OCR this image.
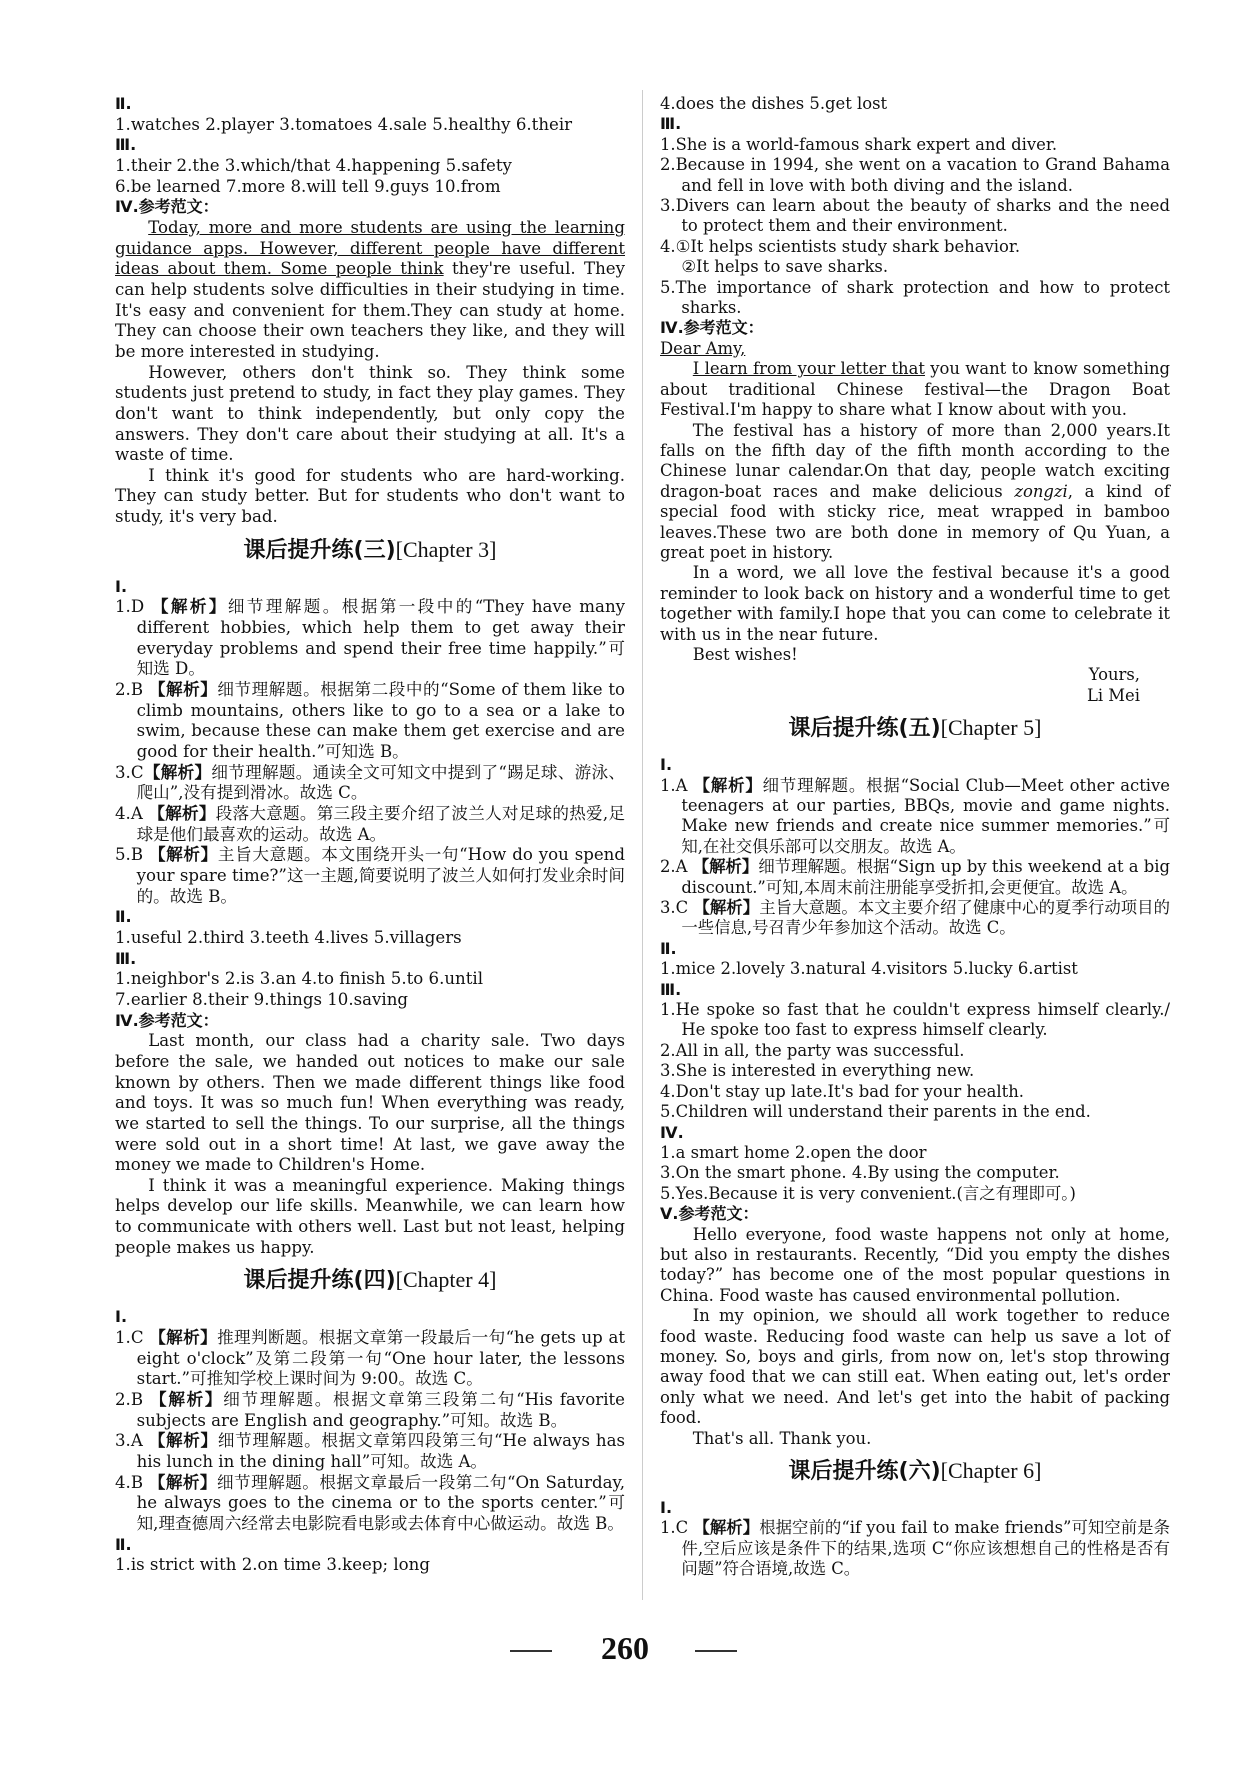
Ⅱ.
1.watches 2.player 3.tomatoes 4.sale 5.healthy 6.their
Ⅲ.
1.their 2.the 3.which/that 4.happening 5.safety
6.be learned 7.more 8.will tell 9.guys 10.from
Ⅳ.参考范文：
Today, more and more students are using the learning guidance apps. However, different people have different ideas about them. Some people think they're useful. They can help students solve difficulties in their studying in time. It's easy and convenient for them.They can study at home. They can choose their own teachers they like, and they will be more interested in studying.
However, others don't think so. They think some students just pretend to study, in fact they play games. They don't want to think independently, but only copy the answers. They don't care about their studying at all. It's a waste of time.
I think it's good for students who are hard-working. They can study better. But for students who don't want to study, it's very bad.
课后提升练(三)[Chapter 3]
Ⅰ.
1.D 【解析】细节理解题。根据第一段中的“They have many different hobbies, which help them to get away their everyday problems and spend their free time happily.”可知选 D。
2.B 【解析】细节理解题。根据第二段中的“Some of them like to climb mountains, others like to go to a sea or a lake to swim, because these can make them get exercise and are good for their health.”可知选 B。
3.C【解析】细节理解题。通读全文可知文中提到了“踢足球、游泳、爬山”,没有提到滑冰。故选 C。
4.A 【解析】段落大意题。第三段主要介绍了波兰人对足球的热爱,足球是他们最喜欢的运动。故选 A。
5.B 【解析】主旨大意题。本文围绕开头一句“How do you spend your spare time?”这一主题,简要说明了波兰人如何打发业余时间的。故选 B。
Ⅱ.
1.useful 2.third 3.teeth 4.lives 5.villagers
Ⅲ.
1.neighbor's 2.is 3.an 4.to finish 5.to 6.until
7.earlier 8.their 9.things 10.saving
Ⅳ.参考范文：
Last month, our class had a charity sale. Two days before the sale, we handed out notices to make our sale known by others. Then we made different things like food and toys. It was so much fun! When everything was ready, we started to sell the things. To our surprise, all the things were sold out in a short time! At last, we gave away the money we made to Children's Home.
I think it was a meaningful experience. Making things helps develop our life skills. Meanwhile, we can learn how to communicate with others well. Last but not least, helping people makes us happy.
课后提升练(四)[Chapter 4]
Ⅰ.
1.C 【解析】推理判断题。根据文章第一段最后一句“he gets up at eight o'clock”及第二段第一句“One hour later, the lessons start.”可推知学校上课时间为 9:00。故选 C。
2.B 【解析】细节理解题。根据文章第三段第二句“His favorite subjects are English and geography.”可知。故选 B。
3.A 【解析】细节理解题。根据文章第四段第三句“He always has his lunch in the dining hall”可知。故选 A。
4.B 【解析】细节理解题。根据文章最后一段第二句“On Saturday, he always goes to the cinema or to the sports center.”可知,理查德周六经常去电影院看电影或去体育中心做运动。故选 B。
Ⅱ.
1.is strict with 2.on time 3.keep; long
4.does the dishes 5.get lost
Ⅲ.
1.She is a world-famous shark expert and diver.
2.Because in 1994, she went on a vacation to Grand Bahama and fell in love with both diving and the island.
3.Divers can learn about the beauty of sharks and the need to protect them and their environment.
4.①It helps scientists study shark behavior.
②It helps to save sharks.
5.The importance of shark protection and how to protect sharks.
Ⅳ.参考范文：
Dear Amy,
I learn from your letter that you want to know something about traditional Chinese festival—the Dragon Boat Festival.I'm happy to share what I know about with you.
The festival has a history of more than 2,000 years.It falls on the fifth day of the fifth month according to the Chinese lunar calendar.On that day, people watch exciting dragon-boat races and make delicious zongzi, a kind of special food with sticky rice, meat wrapped in bamboo leaves.These two are both done in memory of Qu Yuan, a great poet in history.
In a word, we all love the festival because it's a good reminder to look back on history and a wonderful time to get together with family.I hope that you can come to celebrate it with us in the near future.
Best wishes!
Yours,
Li Mei
课后提升练(五)[Chapter 5]
Ⅰ.
1.A 【解析】细节理解题。根据“Social Club—Meet other active teenagers at our parties, BBQs, movie and game nights. Make new friends and create nice summer memories.”可知,在社交俱乐部可以交朋友。故选 A。
2.A 【解析】细节理解题。根据“Sign up by this weekend at a big discount.”可知,本周末前注册能享受折扣,会更便宜。故选 A。
3.C 【解析】主旨大意题。本文主要介绍了健康中心的夏季行动项目的一些信息,号召青少年参加这个活动。故选 C。
Ⅱ.
1.mice 2.lovely 3.natural 4.visitors 5.lucky 6.artist
Ⅲ.
1.He spoke so fast that he couldn't express himself clearly./ He spoke too fast to express himself clearly.
2.All in all, the party was successful.
3.She is interested in everything new.
4.Don't stay up late.It's bad for your health.
5.Children will understand their parents in the end.
Ⅳ.
1.a smart home 2.open the door
3.On the smart phone. 4.By using the computer.
5.Yes.Because it is very convenient.(言之有理即可。)
Ⅴ.参考范文：
Hello everyone, food waste happens not only at home, but also in restaurants. Recently, “Did you empty the dishes today?” has become one of the most popular questions in China. Food waste has caused environmental pollution.
In my opinion, we should all work together to reduce food waste. Reducing food waste can help us save a lot of money. So, boys and girls, from now on, let's stop throwing away food that we can still eat. When eating out, let's order only what we need. And let's get into the habit of packing food.
That's all. Thank you.
课后提升练(六)[Chapter 6]
Ⅰ.
1.C 【解析】根据空前的“if you fail to make friends”可知空前是条件,空后应该是条件下的结果,选项 C“你应该想想自己的性格是否有问题”符合语境,故选 C。
260
